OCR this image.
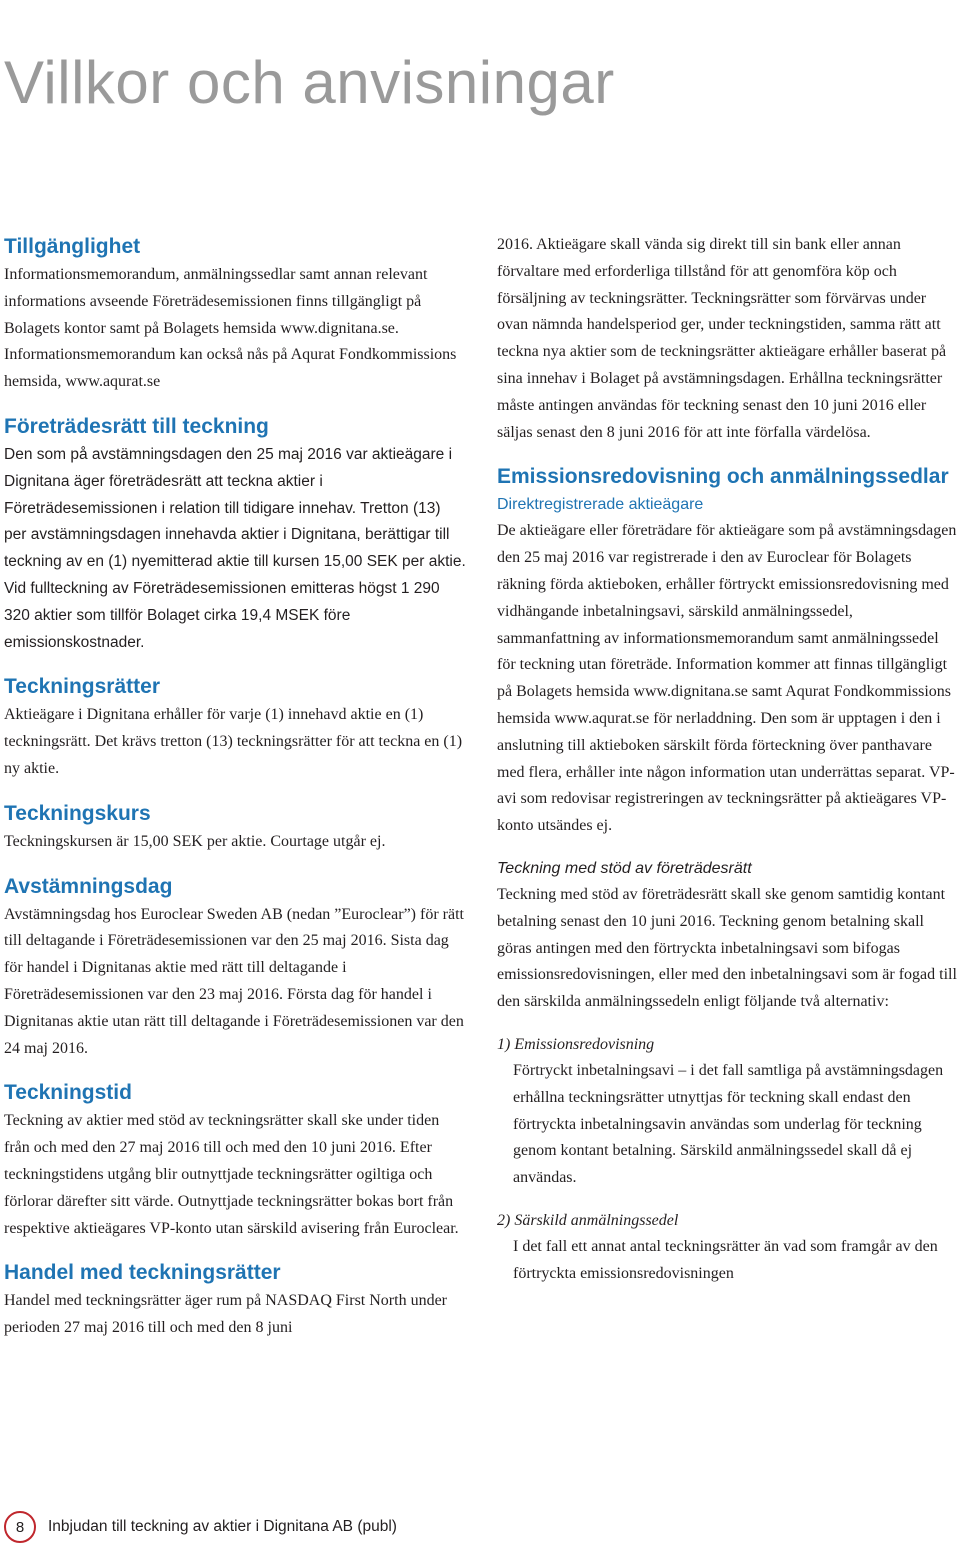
Villkor och anvisningar
Tillgänglighet

Informationsmemorandum, anmälningssedlar samt annan relevant informations avseende Företrädesemissionen finns tillgängligt på Bolagets kontor samt på Bolagets hemsida www.dignitana.se. Informationsmemorandum kan också nås på Aqurat Fondkommissions hemsida, www.aqurat.se

Företrädesrätt till teckning

Den som på avstämningsdagen den 25 maj 2016 var aktieägare i Dignitana äger företrädesrätt att teckna aktier i Företrädesemissionen i relation till tidigare innehav. Tretton (13) per avstämningsdagen innehavda aktier i Dignitana, berättigar till teckning av en (1) nyemitterad aktie till kursen 15,00 SEK per aktie. Vid fullteckning av Företrädesemissionen emitteras högst 1 290 320 aktier som tillför Bolaget cirka 19,4 MSEK före emissionskostnader.

Teckningsrätter

Aktieägare i Dignitana erhåller för varje (1) innehavd aktie en (1) teckningsrätt. Det krävs tretton (13) teckningsrätter för att teckna en (1) ny aktie.

Teckningskurs

Teckningskursen är 15,00 SEK per aktie. Courtage utgår ej.

Avstämningsdag

Avstämningsdag hos Euroclear Sweden AB (nedan ”Euroclear”) för rätt till deltagande i Företrädesemissionen var den 25 maj 2016. Sista dag för handel i Dignitanas aktie med rätt till deltagande i Företrädesemissionen var den 23 maj 2016. Första dag för handel i Dignitanas aktie utan rätt till deltagande i Företrädesemissionen var den 24 maj 2016.

Teckningstid

Teckning av aktier med stöd av teckningsrätter skall ske under tiden från och med den 27 maj 2016 till och med den 10 juni 2016. Efter teckningstidens utgång blir outnyttjade teckningsrätter ogiltiga och förlorar därefter sitt värde. Outnyttjade teckningsrätter bokas bort från respektive aktieägares VP-konto utan särskild avisering från Euroclear.

Handel med teckningsrätter

Handel med teckningsrätter äger rum på NASDAQ First North under perioden 27 maj 2016 till och med den 8 juni

2016. Aktieägare skall vända sig direkt till sin bank eller annan förvaltare med erforderliga tillstånd för att genomföra köp och försäljning av teckningsrätter. Teckningsrätter som förvärvas under ovan nämnda handelsperiod ger, under teckningstiden, samma rätt att teckna nya aktier som de teckningsrätter aktieägare erhåller baserat på sina innehav i Bolaget på avstämningsdagen. Erhållna teckningsrätter måste antingen användas för teckning senast den 10 juni 2016 eller säljas senast den 8 juni 2016 för att inte förfalla värdelösa.

Emissionsredovisning och anmälningssedlar
Direktregistrerade aktieägare

De aktieägare eller företrädare för aktieägare som på avstämningsdagen den 25 maj 2016 var registrerade i den av Euroclear för Bolagets räkning förda aktieboken, erhåller förtryckt emissionsredovisning med vidhängande inbetalningsavi, särskild anmälningssedel, sammanfattning av informationsmemorandum samt anmälningssedel för teckning utan företräde. Information kommer att finnas tillgängligt på Bolagets hemsida www.dignitana.se samt Aqurat Fondkommissions hemsida www.aqurat.se för nerladdning. Den som är upptagen i den i anslutning till aktieboken särskilt förda förteckning över panthavare med flera, erhåller inte någon information utan underrättas separat. VP-avi som redovisar registreringen av teckningsrätter på aktieägares VP-konto utsändes ej.

Teckning med stöd av företrädesrätt

Teckning med stöd av företrädesrätt skall ske genom samtidig kontant betalning senast den 10 juni 2016. Teckning genom betalning skall göras antingen med den förtryckta inbetalningsavi som bifogas emissionsredovisningen, eller med den inbetalningsavi som är fogad till den särskilda anmälningssedeln enligt följande två alternativ:

1) Emissionsredovisning

Förtryckt inbetalningsavi – i det fall samtliga på avstämningsdagen erhållna teckningsrätter utnyttjas för teckning skall endast den förtryckta inbetalningsavin användas som underlag för teckning genom kontant betalning. Särskild anmälningssedel skall då ej användas.

2) Särskild anmälningssedel

I det fall ett annat antal teckningsrätter än vad som framgår av den förtryckta emissionsredovisningen

8	Inbjudan till teckning av aktier i Dignitana AB (publ)
